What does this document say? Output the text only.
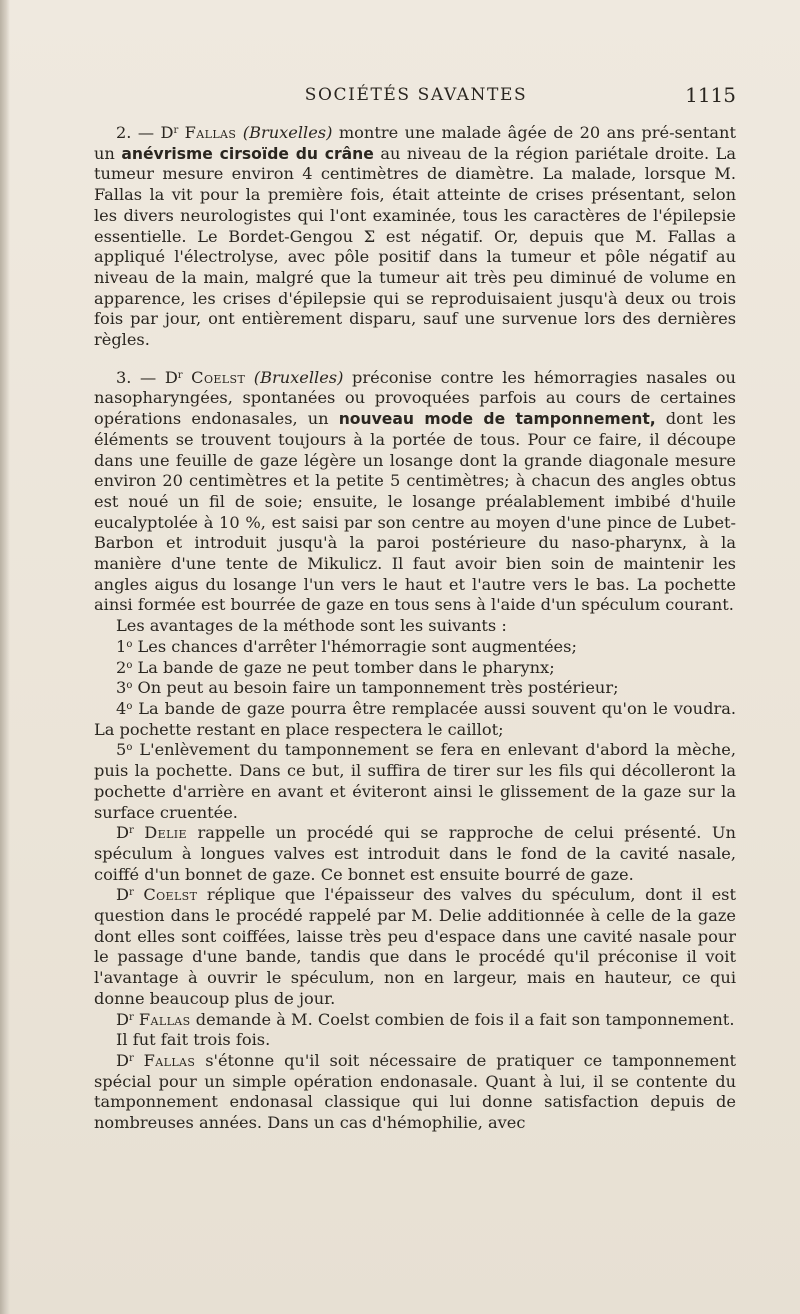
SOCIÉTÉS SAVANTES	1115

2. — $D^r$ Fallas (Bruxelles) montre une malade âgée de 20 ans pré-sentant un anévrisme cirsoïde du crâne au niveau de la région pariétale droite. La tumeur mesure environ 4 centimètres de diamètre. La malade, lorsque M. Fallas la vit pour la première fois, était atteinte de crises présentant, selon les divers neurologistes qui l'ont examinée, tous les caractères de l'épilepsie essentielle. Le Bordet-Gengou Σ est négatif. Or, depuis que M. Fallas a appliqué l'électrolyse, avec pôle positif dans la tumeur et pôle négatif au niveau de la main, malgré que la tumeur ait très peu diminué de volume en apparence, les crises d'épilepsie qui se reproduisaient jusqu'à deux ou trois fois par jour, ont entièrement disparu, sauf une survenue lors des dernières règles.

3. — $D^r$ Coelst (Bruxelles) préconise contre les hémorragies nasales ou nasopharyngées, spontanées ou provoquées parfois au cours de certaines opérations endonasales, un nouveau mode de tamponnement, dont les éléments se trouvent toujours à la portée de tous. Pour ce faire, il découpe dans une feuille de gaze légère un losange dont la grande diagonale mesure environ 20 centimètres et la petite 5 centimètres; à chacun des angles obtus est noué un fil de soie; ensuite, le losange préalablement imbibé d'huile eucalyptolée à 10 %, est saisi par son centre au moyen d'une pince de Lubet-Barbon et introduit jusqu'à la paroi postérieure du naso-pharynx, à la manière d'une tente de Mikulicz. Il faut avoir bien soin de maintenir les angles aigus du losange l'un vers le haut et l'autre vers le bas. La pochette ainsi formée est bourrée de gaze en tous sens à l'aide d'un spéculum courant.

Les avantages de la méthode sont les suivants :

1$^o$ Les chances d'arrêter l'hémorragie sont augmentées;

2$^o$ La bande de gaze ne peut tomber dans le pharynx;

3$^o$ On peut au besoin faire un tamponnement très postérieur;

4$^o$ La bande de gaze pourra être remplacée aussi souvent qu'on le voudra. La pochette restant en place respectera le caillot;

5$^o$ L'enlèvement du tamponnement se fera en enlevant d'abord la mèche, puis la pochette. Dans ce but, il suffira de tirer sur les fils qui décolleront la pochette d'arrière en avant et éviteront ainsi le glissement de la gaze sur la surface cruentée.

$D^r$ Delie rappelle un procédé qui se rapproche de celui présenté. Un spéculum à longues valves est introduit dans le fond de la cavité nasale, coiffé d'un bonnet de gaze. Ce bonnet est ensuite bourré de gaze.

$D^r$ Coelst réplique que l'épaisseur des valves du spéculum, dont il est question dans le procédé rappelé par M. Delie additionnée à celle de la gaze dont elles sont coiffées, laisse très peu d'espace dans une cavité nasale pour le passage d'une bande, tandis que dans le procédé qu'il préconise il voit l'avantage à ouvrir le spéculum, non en largeur, mais en hauteur, ce qui donne beaucoup plus de jour.

$D^r$ Fallas demande à M. Coelst combien de fois il a fait son tamponnement.

Il fut fait trois fois.

$D^r$ Fallas s'étonne qu'il soit nécessaire de pratiquer ce tamponnement spécial pour un simple opération endonasale. Quant à lui, il se contente du tamponnement endonasal classique qui lui donne satisfaction depuis de nombreuses années. Dans un cas d'hémophilie, avec
